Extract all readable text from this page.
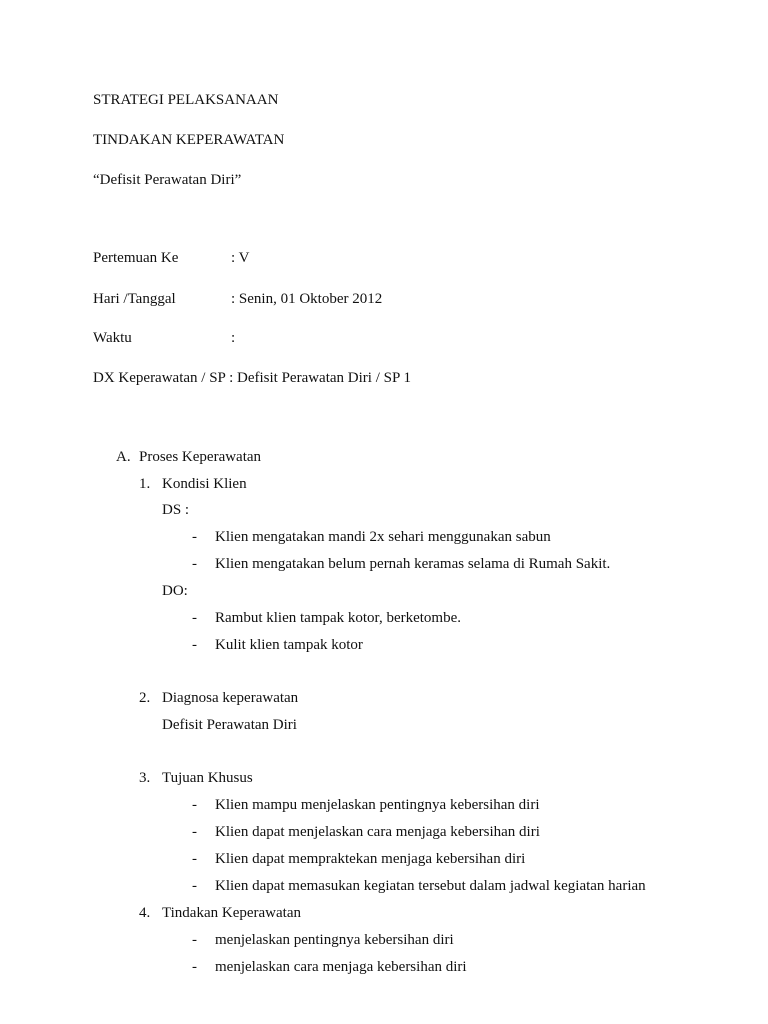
STRATEGI PELAKSANAAN
TINDAKAN KEPERAWATAN
“Defisit Perawatan Diri”
Pertemuan Ke	: V
Hari /Tanggal	: Senin, 01 Oktober 2012
Waktu	:
DX Keperawatan / SP : Defisit Perawatan Diri / SP 1
A. Proses Keperawatan
1. Kondisi Klien
DS :
- Klien mengatakan mandi 2x sehari menggunakan sabun
- Klien mengatakan belum pernah keramas selama di Rumah Sakit.
DO:
- Rambut klien tampak kotor, berketombe.
- Kulit klien tampak kotor
2. Diagnosa keperawatan
Defisit Perawatan Diri
3. Tujuan Khusus
- Klien mampu menjelaskan pentingnya kebersihan diri
- Klien dapat menjelaskan cara menjaga kebersihan diri
- Klien dapat mempraktekan menjaga kebersihan diri
- Klien dapat memasukan kegiatan tersebut dalam jadwal kegiatan harian
4. Tindakan Keperawatan
- menjelaskan pentingnya kebersihan diri
- menjelaskan cara menjaga kebersihan diri
